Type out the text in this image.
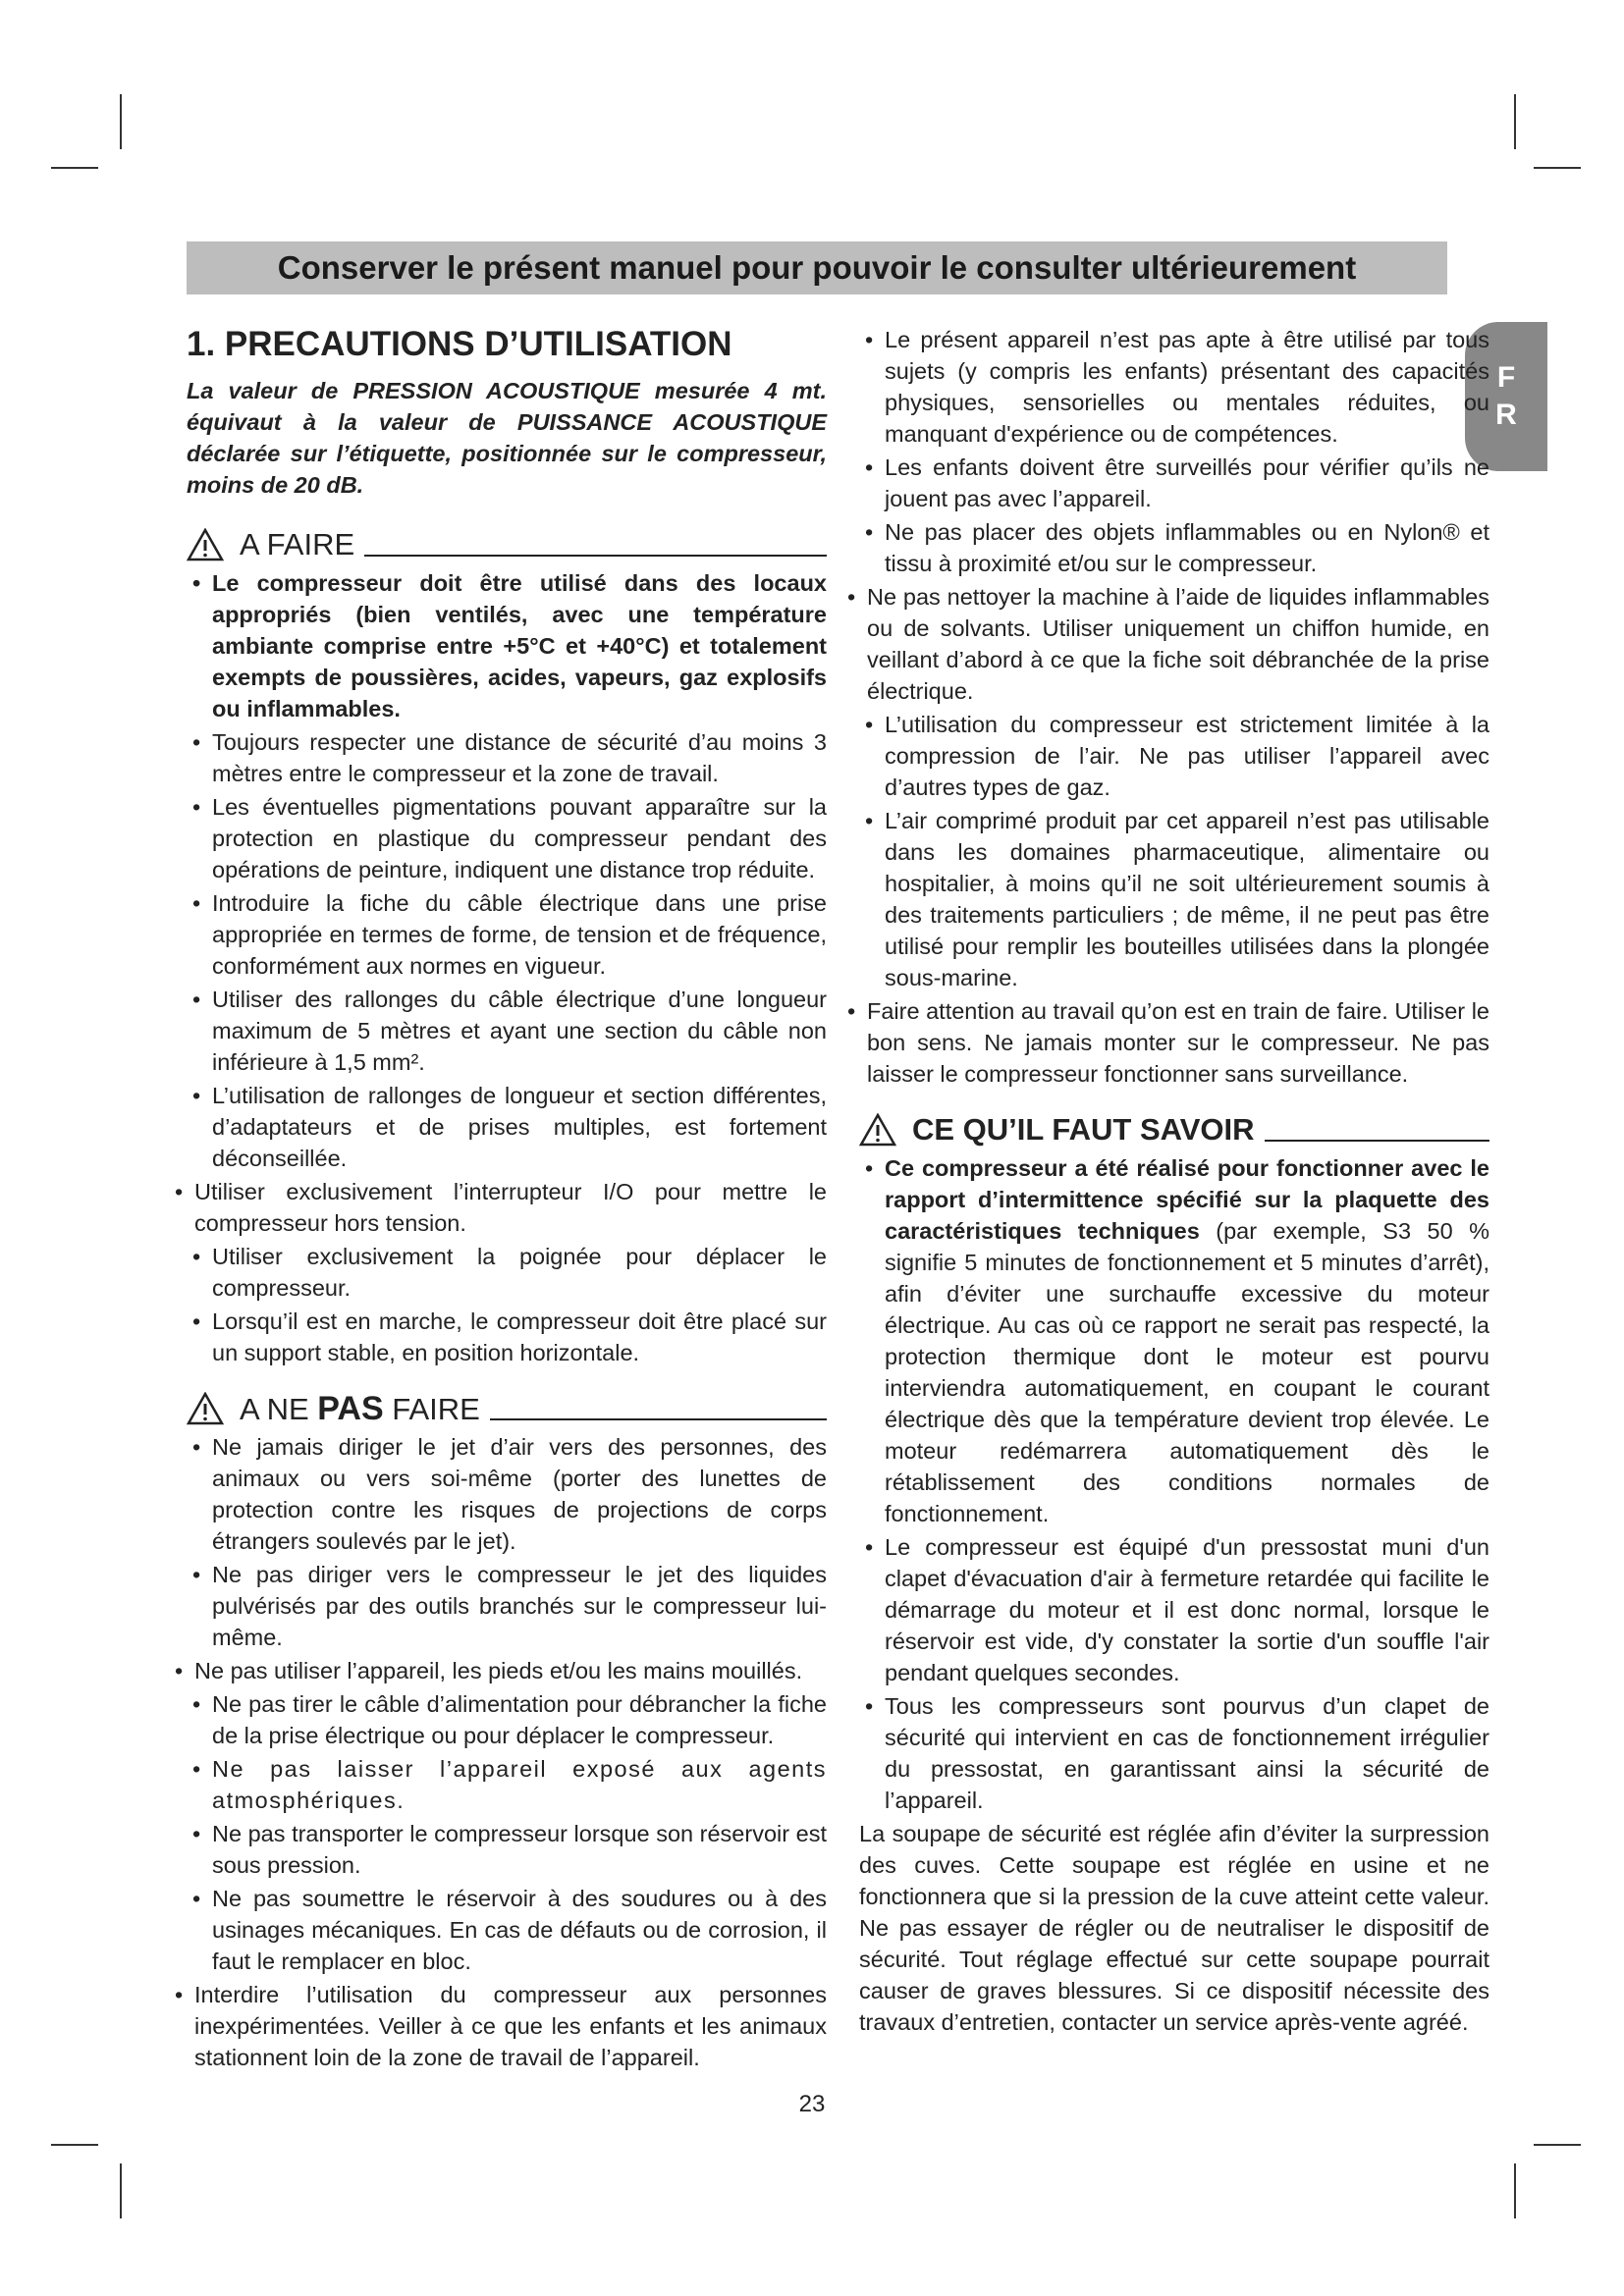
Conserver le présent manuel pour pouvoir le consulter ultérieurement
F
R
1. PRECAUTIONS D’UTILISATION
La valeur de PRESSION ACOUSTIQUE mesurée 4 mt. équivaut à la valeur de PUISSANCE ACOUSTIQUE déclarée sur l’étiquette, positionnée sur le compresseur, moins de 20 dB.
A FAIRE
• Le compresseur doit être utilisé dans des locaux appropriés (bien ventilés, avec une température ambiante comprise entre +5°C et +40°C) et totalement exempts de poussières, acides, vapeurs, gaz explosifs ou inflammables.
• Toujours respecter une distance de sécurité d’au moins 3 mètres entre le compresseur et la zone de travail.
• Les éventuelles pigmentations pouvant apparaître sur la protection en plastique du compresseur pendant des opérations de peinture, indiquent une distance trop réduite.
• Introduire la fiche du câble électrique dans une prise appropriée en termes de forme, de tension et de fréquence, conformément aux normes en vigueur.
• Utiliser des rallonges du câble électrique d’une longueur maximum de 5 mètres et ayant une section du câble non inférieure à 1,5 mm².
• L’utilisation de rallonges de longueur et section différentes, d’adaptateurs et de prises multiples, est fortement déconseillée.
• Utiliser exclusivement l’interrupteur I/O pour mettre le compresseur hors tension.
• Utiliser exclusivement la poignée pour déplacer le compresseur.
• Lorsqu’il est en marche, le compresseur doit être placé sur un support stable, en position horizontale.
A NE PAS FAIRE
• Ne jamais diriger le jet d’air vers des personnes, des animaux ou vers soi-même (porter des lunettes de protection contre les risques de projections de corps étrangers soulevés par le jet).
• Ne pas diriger vers le compresseur le jet des liquides pulvérisés par des outils branchés sur le compresseur lui-même.
• Ne pas utiliser l’appareil, les pieds et/ou les mains mouillés.
• Ne pas tirer le câble d’alimentation pour débrancher la fiche de la prise électrique ou pour déplacer le compresseur.
• Ne pas laisser l’appareil exposé aux agents atmosphériques.
• Ne pas transporter le compresseur lorsque son réservoir est sous pression.
• Ne pas soumettre le réservoir à des soudures ou à des usinages mécaniques. En cas de défauts ou de corrosion, il faut le remplacer en bloc.
• Interdire l’utilisation du compresseur aux personnes inexpérimentées. Veiller à ce que les enfants et les animaux stationnent loin de la zone de travail de l’appareil.
• Le présent appareil n’est pas apte à être utilisé par tous sujets (y compris les enfants) présentant des capacités physiques, sensorielles ou mentales réduites, ou manquant d'expérience ou de compétences.
• Les enfants doivent être surveillés pour vérifier qu’ils ne jouent pas avec l’appareil.
• Ne pas placer des objets inflammables ou en Nylon® et tissu à proximité et/ou sur le compresseur.
• Ne pas nettoyer la machine à l’aide de liquides inflammables ou de solvants. Utiliser uniquement un chiffon humide, en veillant d’abord à ce que la fiche soit débranchée de la prise électrique.
• L’utilisation du compresseur est strictement limitée à la compression de l’air. Ne pas utiliser l’appareil avec d’autres types de gaz.
• L’air comprimé produit par cet appareil n’est pas utilisable dans les domaines pharmaceutique, alimentaire ou hospitalier, à moins qu’il ne soit ultérieurement soumis à des traitements particuliers ; de même, il ne peut pas être utilisé pour remplir les bouteilles utilisées dans la plongée sous-marine.
• Faire attention au travail qu’on est en train de faire. Utiliser le bon sens. Ne jamais monter sur le compresseur. Ne pas laisser le compresseur fonctionner sans surveillance.
CE QU’IL FAUT SAVOIR
• Ce compresseur a été réalisé pour fonctionner avec le rapport d’intermittence spécifié sur la plaquette des caractéristiques techniques (par exemple, S3 50 % signifie 5 minutes de fonctionnement et 5 minutes d’arrêt), afin d’éviter une surchauffe excessive du moteur électrique. Au cas où ce rapport ne serait pas respecté, la protection thermique dont le moteur est pourvu interviendra automatiquement, en coupant le courant électrique dès que la température devient trop élevée. Le moteur redémarrera automatiquement dès le rétablissement des conditions normales de fonctionnement.
• Le compresseur est équipé d'un pressostat muni d'un clapet d'évacuation d'air à fermeture retardée qui facilite le démarrage du moteur et il est donc normal, lorsque le réservoir est vide, d'y constater la sortie d'un souffle l'air pendant quelques secondes.
• Tous les compresseurs sont pourvus d’un clapet de sécurité qui intervient en cas de fonctionnement irrégulier du pressostat, en garantissant ainsi la sécurité de l’appareil.
La soupape de sécurité est réglée afin d’éviter la surpression des cuves. Cette soupape est réglée en usine et ne fonctionnera que si la pression de la cuve atteint cette valeur. Ne pas essayer de régler ou de neutraliser le dispositif de sécurité. Tout réglage effectué sur cette soupape pourrait causer de graves blessures. Si ce dispositif nécessite des travaux d’entretien, contacter un service après-vente agréé.
23
